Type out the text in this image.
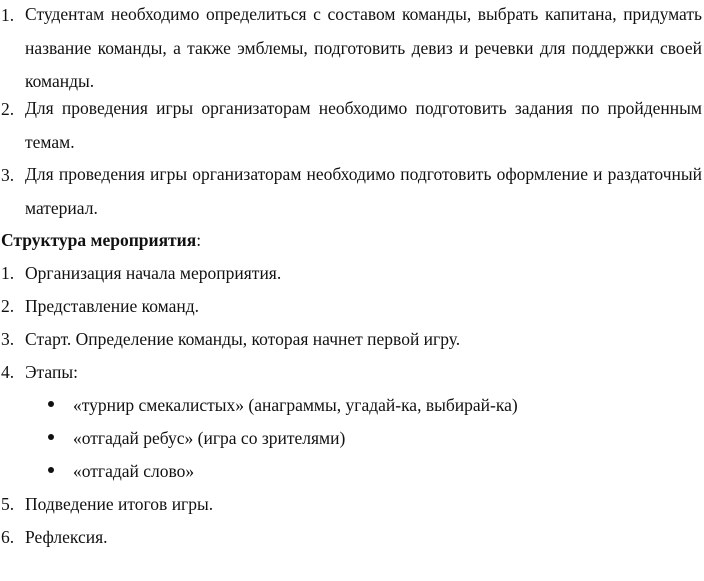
1. Студентам необходимо определиться с составом команды, выбрать капитана, придумать название команды, а также эмблемы, подготовить девиз и речевки для поддержки своей команды.
2. Для проведения игры организаторам необходимо подготовить задания по пройденным темам.
3. Для проведения игры организаторам необходимо подготовить оформление и раздаточный материал.
Структура мероприятия:
1. Организация начала мероприятия.
2. Представление команд.
3. Старт. Определение команды, которая начнет первой игру.
4. Этапы:
«турнир смекалистых» (анаграммы, угадай-ка, выбирай-ка)
«отгадай ребус» (игра со зрителями)
«отгадай слово»
5. Подведение итогов игры.
6. Рефлексия.
